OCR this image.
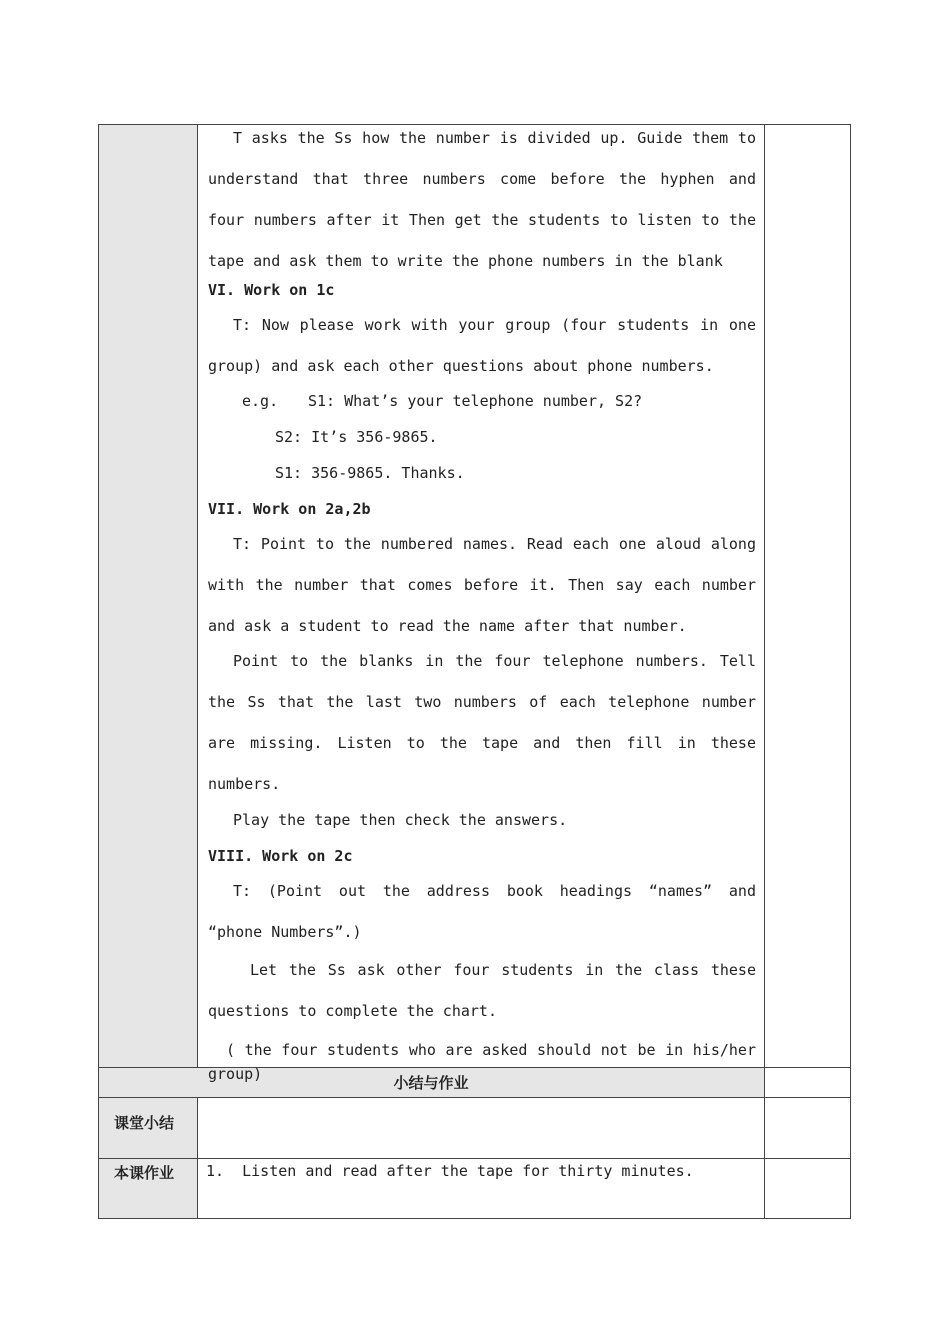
T asks the Ss how the number is divided up. Guide them to understand that three numbers come before the hyphen and four numbers after it Then get the students to listen to the tape and ask them to write the phone numbers in the blank

VI. Work on 1c

T: Now please work with your group (four students in one group) and ask each other questions about phone numbers.

e.g. S1: What’s your telephone number, S2?

S2: It’s 356-9865.

S1: 356-9865. Thanks.

VII. Work on 2a,2b

T: Point to the numbered names. Read each one aloud along with the number that comes before it. Then say each number and ask a student to read the name after that number.

Point to the blanks in the four telephone numbers. Tell the Ss that the last two numbers of each telephone number are missing. Listen to the tape and then fill in these numbers.

Play the tape then check the answers.

VIII. Work on 2c

T: (Point out the address book headings “names” and “phone Numbers”.)

Let the Ss ask other four students in the class these questions to complete the chart.

( the four students who are asked should not be in his/her group)	小结与作业
课堂小结
本课作业 1.  Listen and read after the tape for thirty minutes.
